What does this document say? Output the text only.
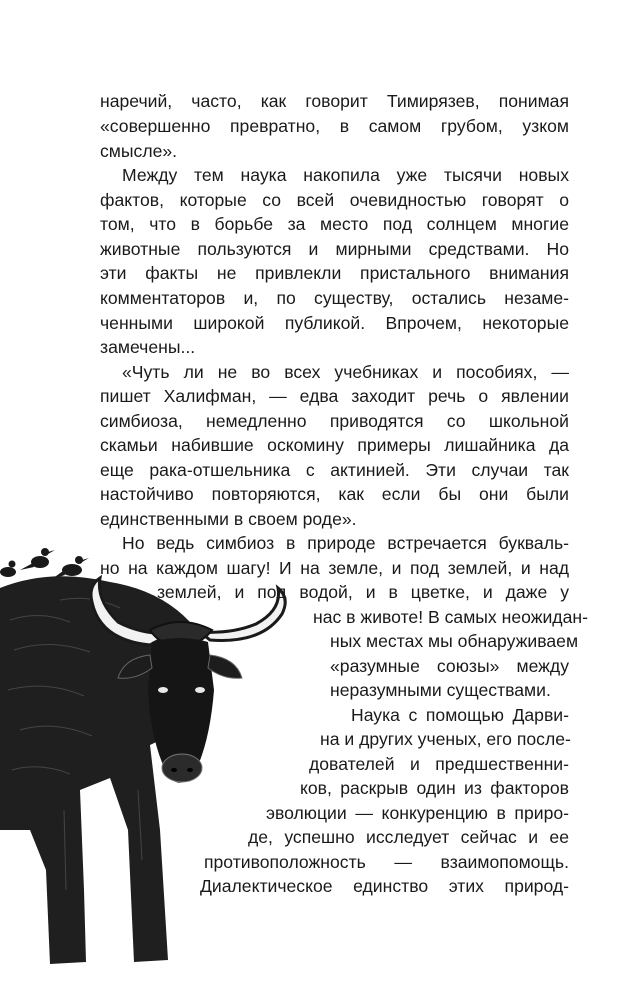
наречий, часто, как говорит Тимирязев, понимая
«совершенно превратно, в самом грубом, узком
смысле».
Между тем наука накопила уже тысячи новых
фактов, которые со всей очевидностью говорят о
том, что в борьбе за место под солнцем многие
животные пользуются и мирными средствами. Но
эти факты не привлекли пристального внимания
комментаторов и, по существу, остались незаме-
ченными широкой публикой. Впрочем, некоторые
замечены...
«Чуть ли не во всех учебниках и пособиях, —
пишет Халифман, — едва заходит речь о явлении
симбиоза, немедленно приводятся со школьной
скамьи набившие оскомину примеры лишайника да
еще рака-отшельника с актинией. Эти случаи так
настойчиво повторяются, как если бы они были
единственными в своем роде».
Но ведь симбиоз в природе встречается букваль-
но на каждом шагу! И на земле, и под землей, и над
землей, и под водой, и в цветке, и даже у
нас в животе! В самых неожидан-
ных местах мы обнаруживаем
«разумные союзы» между
неразумными существами.
Наука с помощью Дарви-
на и других ученых, его после-
дователей и предшественни-
ков, раскрыв один из факторов
эволюции — конкуренцию в приро-
де, успешно исследует сейчас и ее
противоположность — взаимопомощь.
Диалектическое единство этих природ-
